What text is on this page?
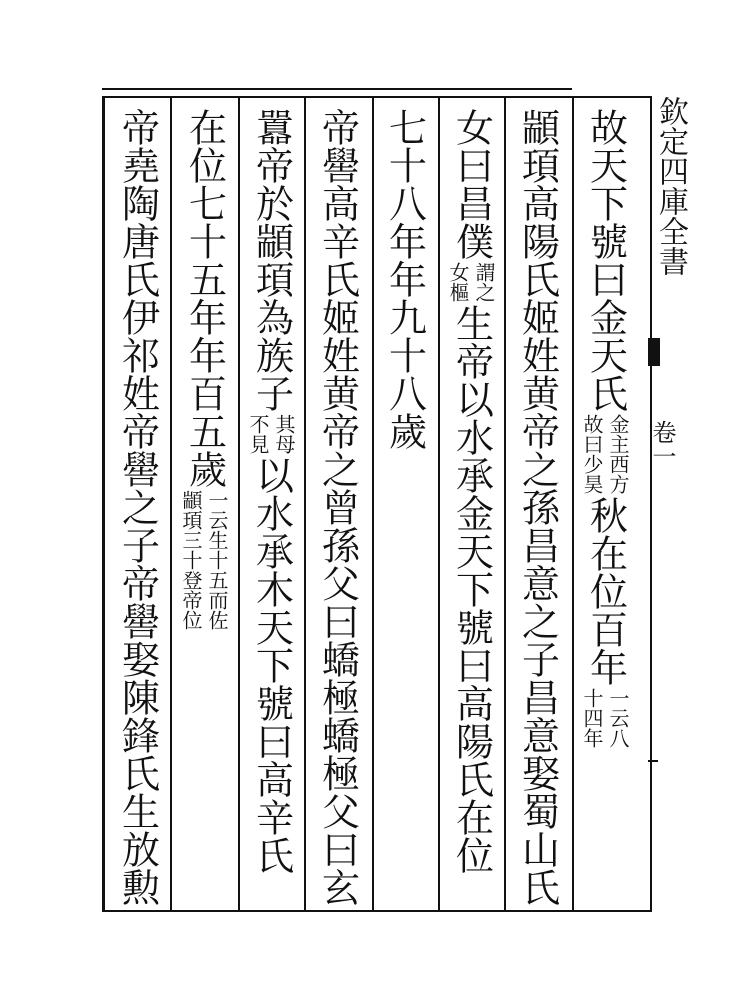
欽定四庫全書
卷一
故天下號曰金天氏
金主西方
故曰少昊
秋在位百年
一云八
十四年
顓頊高陽氏姬姓黄帝之孫昌意之子昌意娶蜀山氏
女曰昌僕
謂之
女樞
生帝以水承金天下號曰高陽氏在位
七十八年年九十八歲
帝嚳高辛氏姬姓黄帝之曾孫父曰蟜極蟜極父曰玄
囂帝於顓頊為族子
其母
不見
以水承木天下號曰高辛氏
在位七十五年年百五歲
一云生十五而佐
顓頊三十登帝位
帝堯陶唐氏伊祁姓帝嚳之子帝嚳娶陳鋒氏生放勲
